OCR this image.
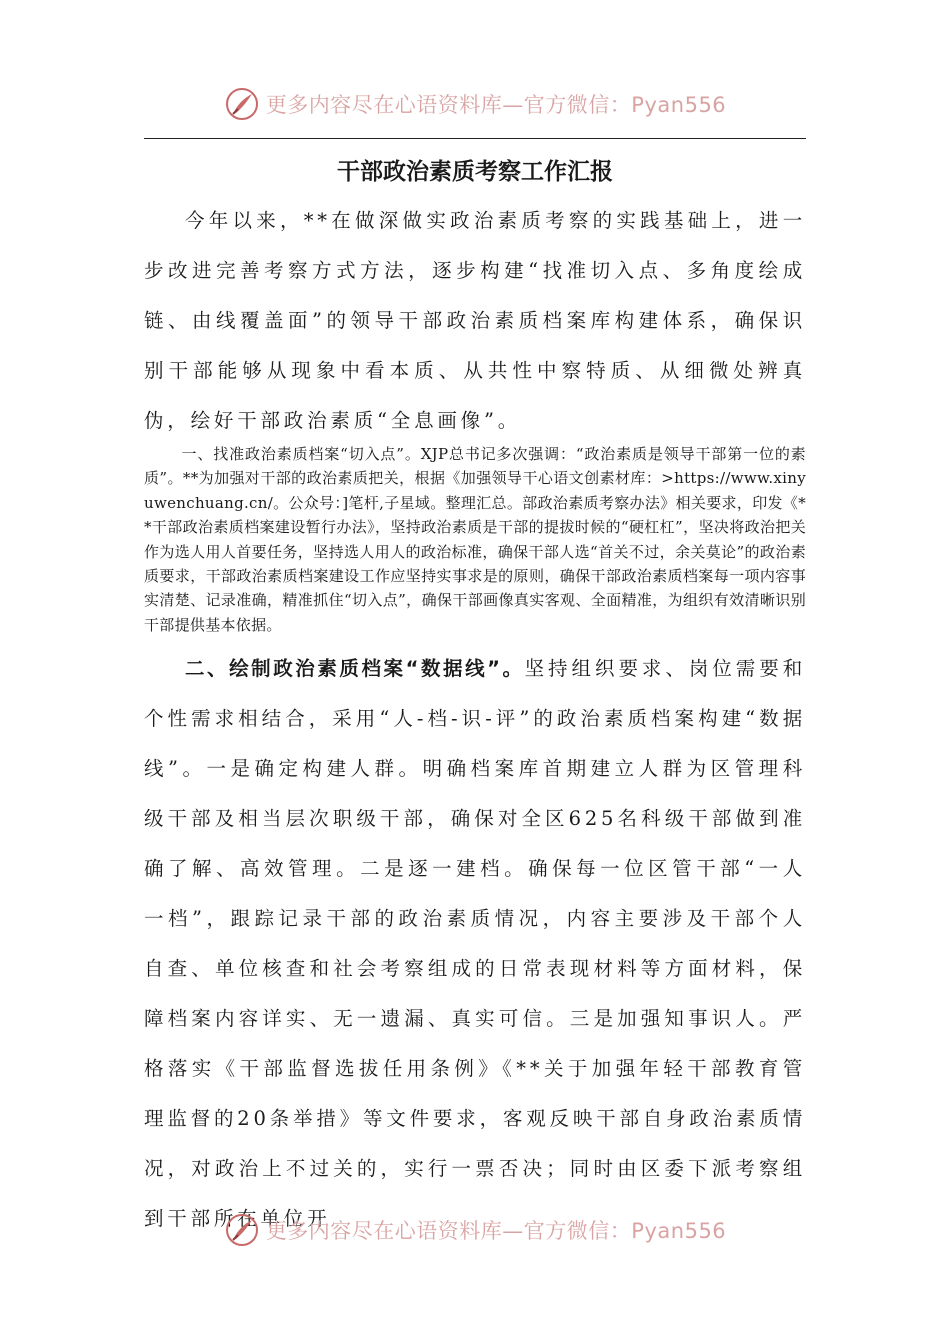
更多内容尽在心语资料库—官方微信：Pyan556
干部政治素质考察工作汇报

今年以来，**在做深做实政治素质考察的实践基础上，进一步改进完善考察方式方法，逐步构建“找准切入点、多角度绘成链、由线覆盖面”的领导干部政治素质档案库构建体系，确保识别干部能够从现象中看本质、从共性中察特质、从细微处辨真伪，绘好干部政治素质“全息画像”。

一、找准政治素质档案“切入点”。XJP总书记多次强调：“政治素质是领导干部第一位的素质”。**为加强对干部的政治素质把关，根据《加强领导干心语文创素材库：>https://www.xinyuwenchuang.cn/。公众号：]笔杆,子星域。整理汇总。部政治素质考察办法》相关要求，印发《**干部政治素质档案建设暂行办法》，坚持政治素质是干部的提拔时候的“硬杠杠”，坚决将政治把关作为选人用人首要任务，坚持选人用人的政治标准，确保干部人选“首关不过，余关莫论”的政治素质要求，干部政治素质档案建设工作应坚持实事求是的原则，确保干部政治素质档案每一项内容事实清楚、记录准确，精准抓住“切入点”，确保干部画像真实客观、全面精准，为组织有效清晰识别干部提供基本依据。

二、绘制政治素质档案“数据线”。坚持组织要求、岗位需要和个性需求相结合，采用“人-档-识-评”的政治素质档案构建“数据线”。一是确定构建人群。明确档案库首期建立人群为区管理科级干部及相当层次职级干部，确保对全区625名科级干部做到准确了解、高效管理。二是逐一建档。确保每一位区管干部“一人一档”，跟踪记录干部的政治素质情况，内容主要涉及干部个人自查、单位核查和社会考察组成的日常表现材料等方面材料，保障档案内容详实、无一遗漏、真实可信。三是加强知事识人。严格落实《干部监督选拔任用条例》《**关于加强年轻干部教育管理监督的20条举措》等文件要求，客观反映干部自身政治素质情况，对政治上不过关的，实行一票否决；同时由区委下派考察组到干部所在单位开

更多内容尽在心语资料库—官方微信：Pyan556
